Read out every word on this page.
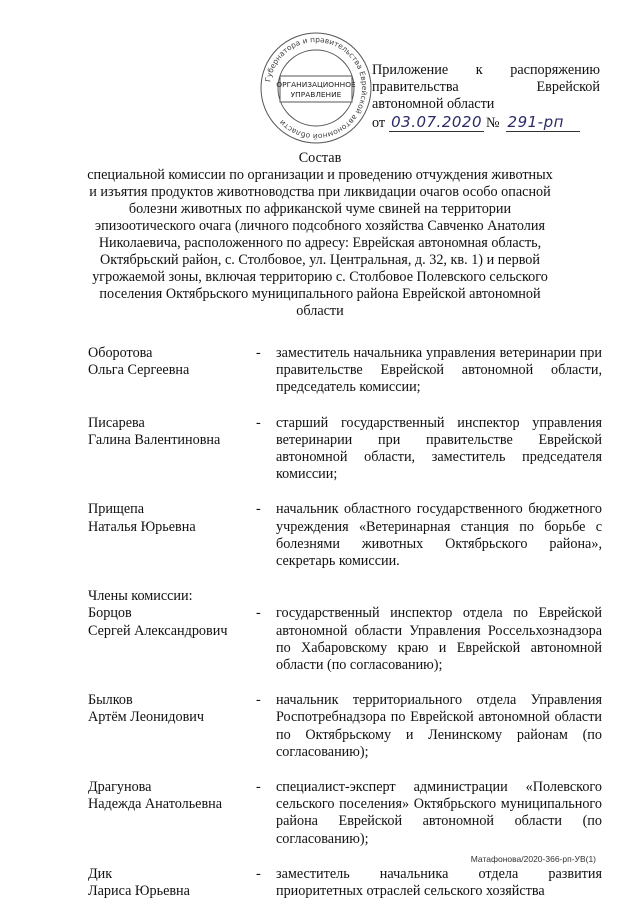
Губернатора и правительства Еврейской автономной области
ОРГАНИЗАЦИОННОЕ
УПРАВЛЕНИЕ
Приложение к распоряжению
правительства	Еврейской
автономной области
от 03.07.2020 № 291-рп
Состав
специальной комиссии по организации и проведению отчуждения животных
и изъятия продуктов животноводства при ликвидации очагов особо опасной
болезни животных по африканской чуме свиней на территории
эпизоотического очага (личного подсобного хозяйства Савченко Анатолия
Николаевича, расположенного по адресу: Еврейская автономная область,
Октябрьский район, с. Столбовое, ул. Центральная, д. 32, кв. 1) и первой
угрожаемой зоны, включая территорию с. Столбовое Полевского сельского
поселения Октябрьского муниципального района Еврейской автономной
области
Оборотова
Ольга Сергеевна
-	заместитель начальника управления ветеринарии при правительстве Еврейской автономной области, председатель комиссии;
Писарева
Галина Валентиновна
-	старший государственный инспектор управления ветеринарии при правительстве Еврейской автономной области, заместитель председателя комиссии;
Прищепа
Наталья Юрьевна
-	начальник областного государственного бюджетного учреждения «Ветеринарная станция по борьбе с болезнями животных Октябрьского района», секретарь комиссии.
Члены комиссии:
Борцов
Сергей Александрович
-	государственный инспектор отдела по Еврейской автономной области Управления Россельхознадзора по Хабаровскому краю и Еврейской автономной области (по согласованию);
Былков
Артём Леонидович
-	начальник территориального отдела Управления Роспотребнадзора по Еврейской автономной области по Октябрьскому и Ленинскому районам (по согласованию);
Драгунова
Надежда Анатольевна
-	специалист-эксперт администрации «Полевского сельского поселения» Октябрьского муниципального района Еврейской автономной области (по согласованию);
Дик
Лариса Юрьевна
-	заместитель начальника отдела развития приоритетных отраслей сельского хозяйства
Матафонова/2020-366-рп-УВ(1)
